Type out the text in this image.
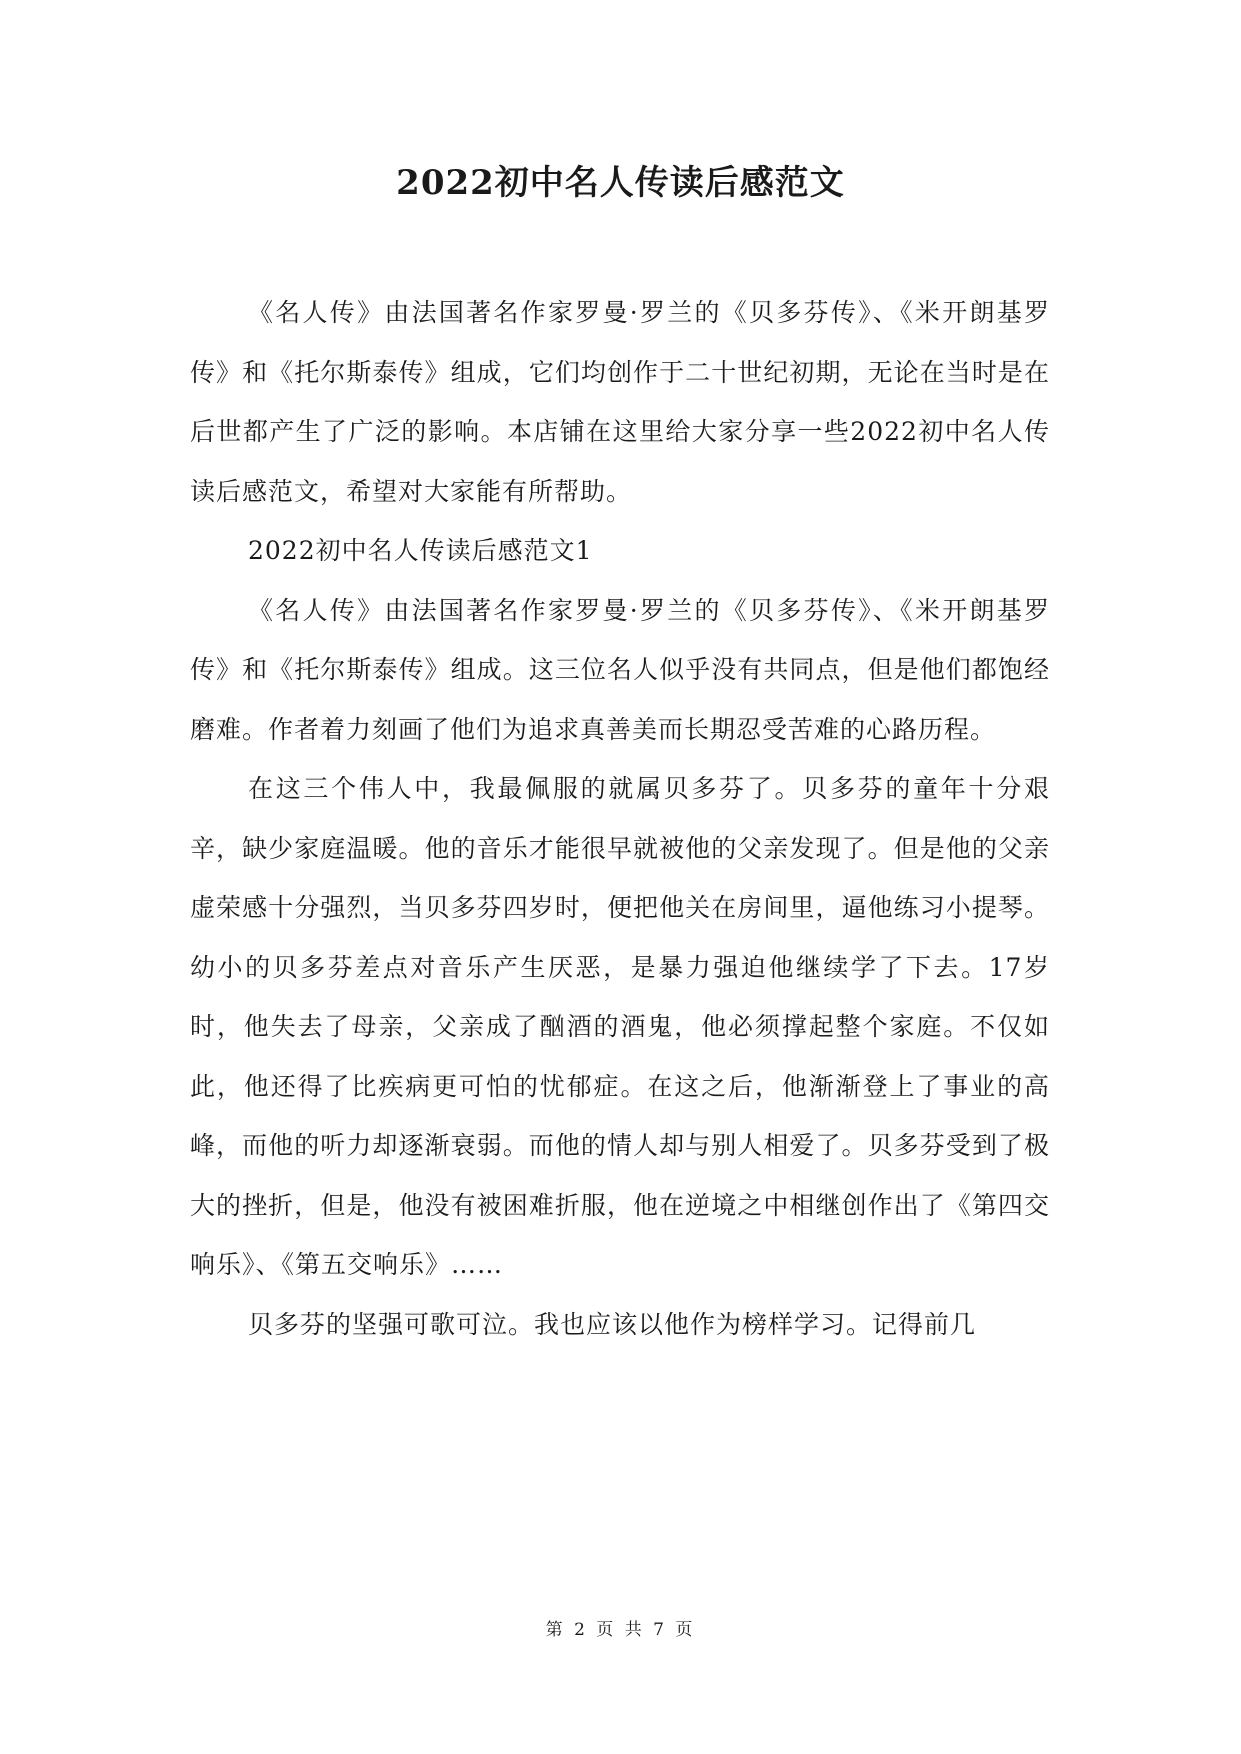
2022初中名人传读后感范文

《名人传》由法国著名作家罗曼·罗兰的《贝多芬传》、《米开朗基罗传》和《托尔斯泰传》组成，它们均创作于二十世纪初期，无论在当时是在后世都产生了广泛的影响。本店铺在这里给大家分享一些2022初中名人传读后感范文，希望对大家能有所帮助。

2022初中名人传读后感范文1

《名人传》由法国著名作家罗曼·罗兰的《贝多芬传》、《米开朗基罗传》和《托尔斯泰传》组成。这三位名人似乎没有共同点，但是他们都饱经磨难。作者着力刻画了他们为追求真善美而长期忍受苦难的心路历程。

在这三个伟人中，我最佩服的就属贝多芬了。贝多芬的童年十分艰辛，缺少家庭温暖。他的音乐才能很早就被他的父亲发现了。但是他的父亲虚荣感十分强烈，当贝多芬四岁时，便把他关在房间里，逼他练习小提琴。幼小的贝多芬差点对音乐产生厌恶，是暴力强迫他继续学了下去。17岁时，他失去了母亲，父亲成了酗酒的酒鬼，他必须撑起整个家庭。不仅如此，他还得了比疾病更可怕的忧郁症。在这之后，他渐渐登上了事业的高峰，而他的听力却逐渐衰弱。而他的情人却与别人相爱了。贝多芬受到了极大的挫折，但是，他没有被困难折服，他在逆境之中相继创作出了《第四交响乐》、《第五交响乐》……

贝多芬的坚强可歌可泣。我也应该以他作为榜样学习。记得前几

第 2 页 共 7 页
